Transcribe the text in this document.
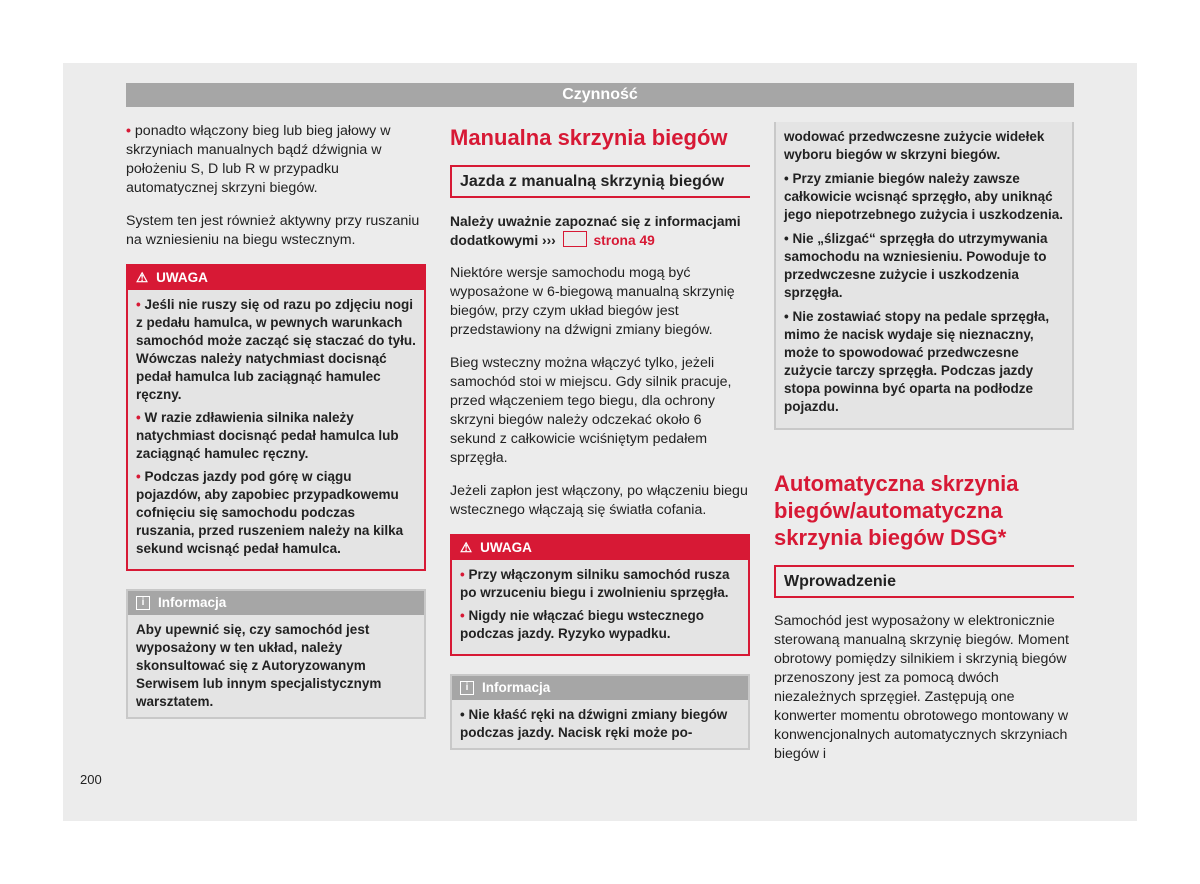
Czynność

• ponadto włączony bieg lub bieg jałowy w skrzyniach manualnych bądź dźwignia w położeniu S, D lub R w przypadku automatycznej skrzyni biegów.

System ten jest również aktywny przy ruszaniu na wzniesieniu na biegu wstecznym.

⚠ UWAGA
• Jeśli nie ruszy się od razu po zdjęciu nogi z pedału hamulca, w pewnych warunkach samochód może zacząć się staczać do tyłu. Wówczas należy natychmiast docisnąć pedał hamulca lub zaciągnąć hamulec ręczny.
• W razie zdławienia silnika należy natychmiast docisnąć pedał hamulca lub zaciągnąć hamulec ręczny.
• Podczas jazdy pod górę w ciągu pojazdów, aby zapobiec przypadkowemu cofnięciu się samochodu podczas ruszania, przed ruszeniem należy na kilka sekund wcisnąć pedał hamulca.
i	Informacja
Aby upewnić się, czy samochód jest wyposażony w ten układ, należy skonsultować się z Autoryzowanym Serwisem lub innym specjalistycznym warsztatem.
Manualna skrzynia biegów
Jazda z manualną skrzynią biegów

Należy uważnie zapoznać się z informacjami dodatkowymi ›››	strona 49

Niektóre wersje samochodu mogą być wyposażone w 6-biegową manualną skrzynię biegów, przy czym układ biegów jest przedstawiony na dźwigni zmiany biegów.

Bieg wsteczny można włączyć tylko, jeżeli samochód stoi w miejscu. Gdy silnik pracuje, przed włączeniem tego biegu, dla ochrony skrzyni biegów należy odczekać około 6 sekund z całkowicie wciśniętym pedałem sprzęgła.

Jeżeli zapłon jest włączony, po włączeniu biegu wstecznego włączają się światła cofania.

⚠ UWAGA
• Przy włączonym silniku samochód rusza po wrzuceniu biegu i zwolnieniu sprzęgła.
• Nigdy nie włączać biegu wstecznego podczas jazdy. Ryzyko wypadku.
i	Informacja
• Nie kłaść ręki na dźwigni zmiany biegów podczas jazdy. Nacisk ręki może po-
wodować przedwczesne zużycie widełek wyboru biegów w skrzyni biegów.
• Przy zmianie biegów należy zawsze całkowicie wcisnąć sprzęgło, aby uniknąć jego niepotrzebnego zużycia i uszkodzenia.
• Nie „ślizgać“ sprzęgła do utrzymywania samochodu na wzniesieniu. Powoduje to przedwczesne zużycie i uszkodzenia sprzęgła.
• Nie zostawiać stopy na pedale sprzęgła, mimo że nacisk wydaje się nieznaczny, może to spowodować przedwczesne zużycie tarczy sprzęgła. Podczas jazdy stopa powinna być oparta na podłodze pojazdu.
Automatyczna skrzynia biegów/automatyczna skrzynia biegów DSG*
Wprowadzenie

Samochód jest wyposażony w elektronicznie sterowaną manualną skrzynię biegów. Moment obrotowy pomiędzy silnikiem i skrzynią biegów przenoszony jest za pomocą dwóch niezależnych sprzęgieł. Zastępują one konwerter momentu obrotowego montowany w konwencjonalnych automatycznych skrzyniach biegów i

200
